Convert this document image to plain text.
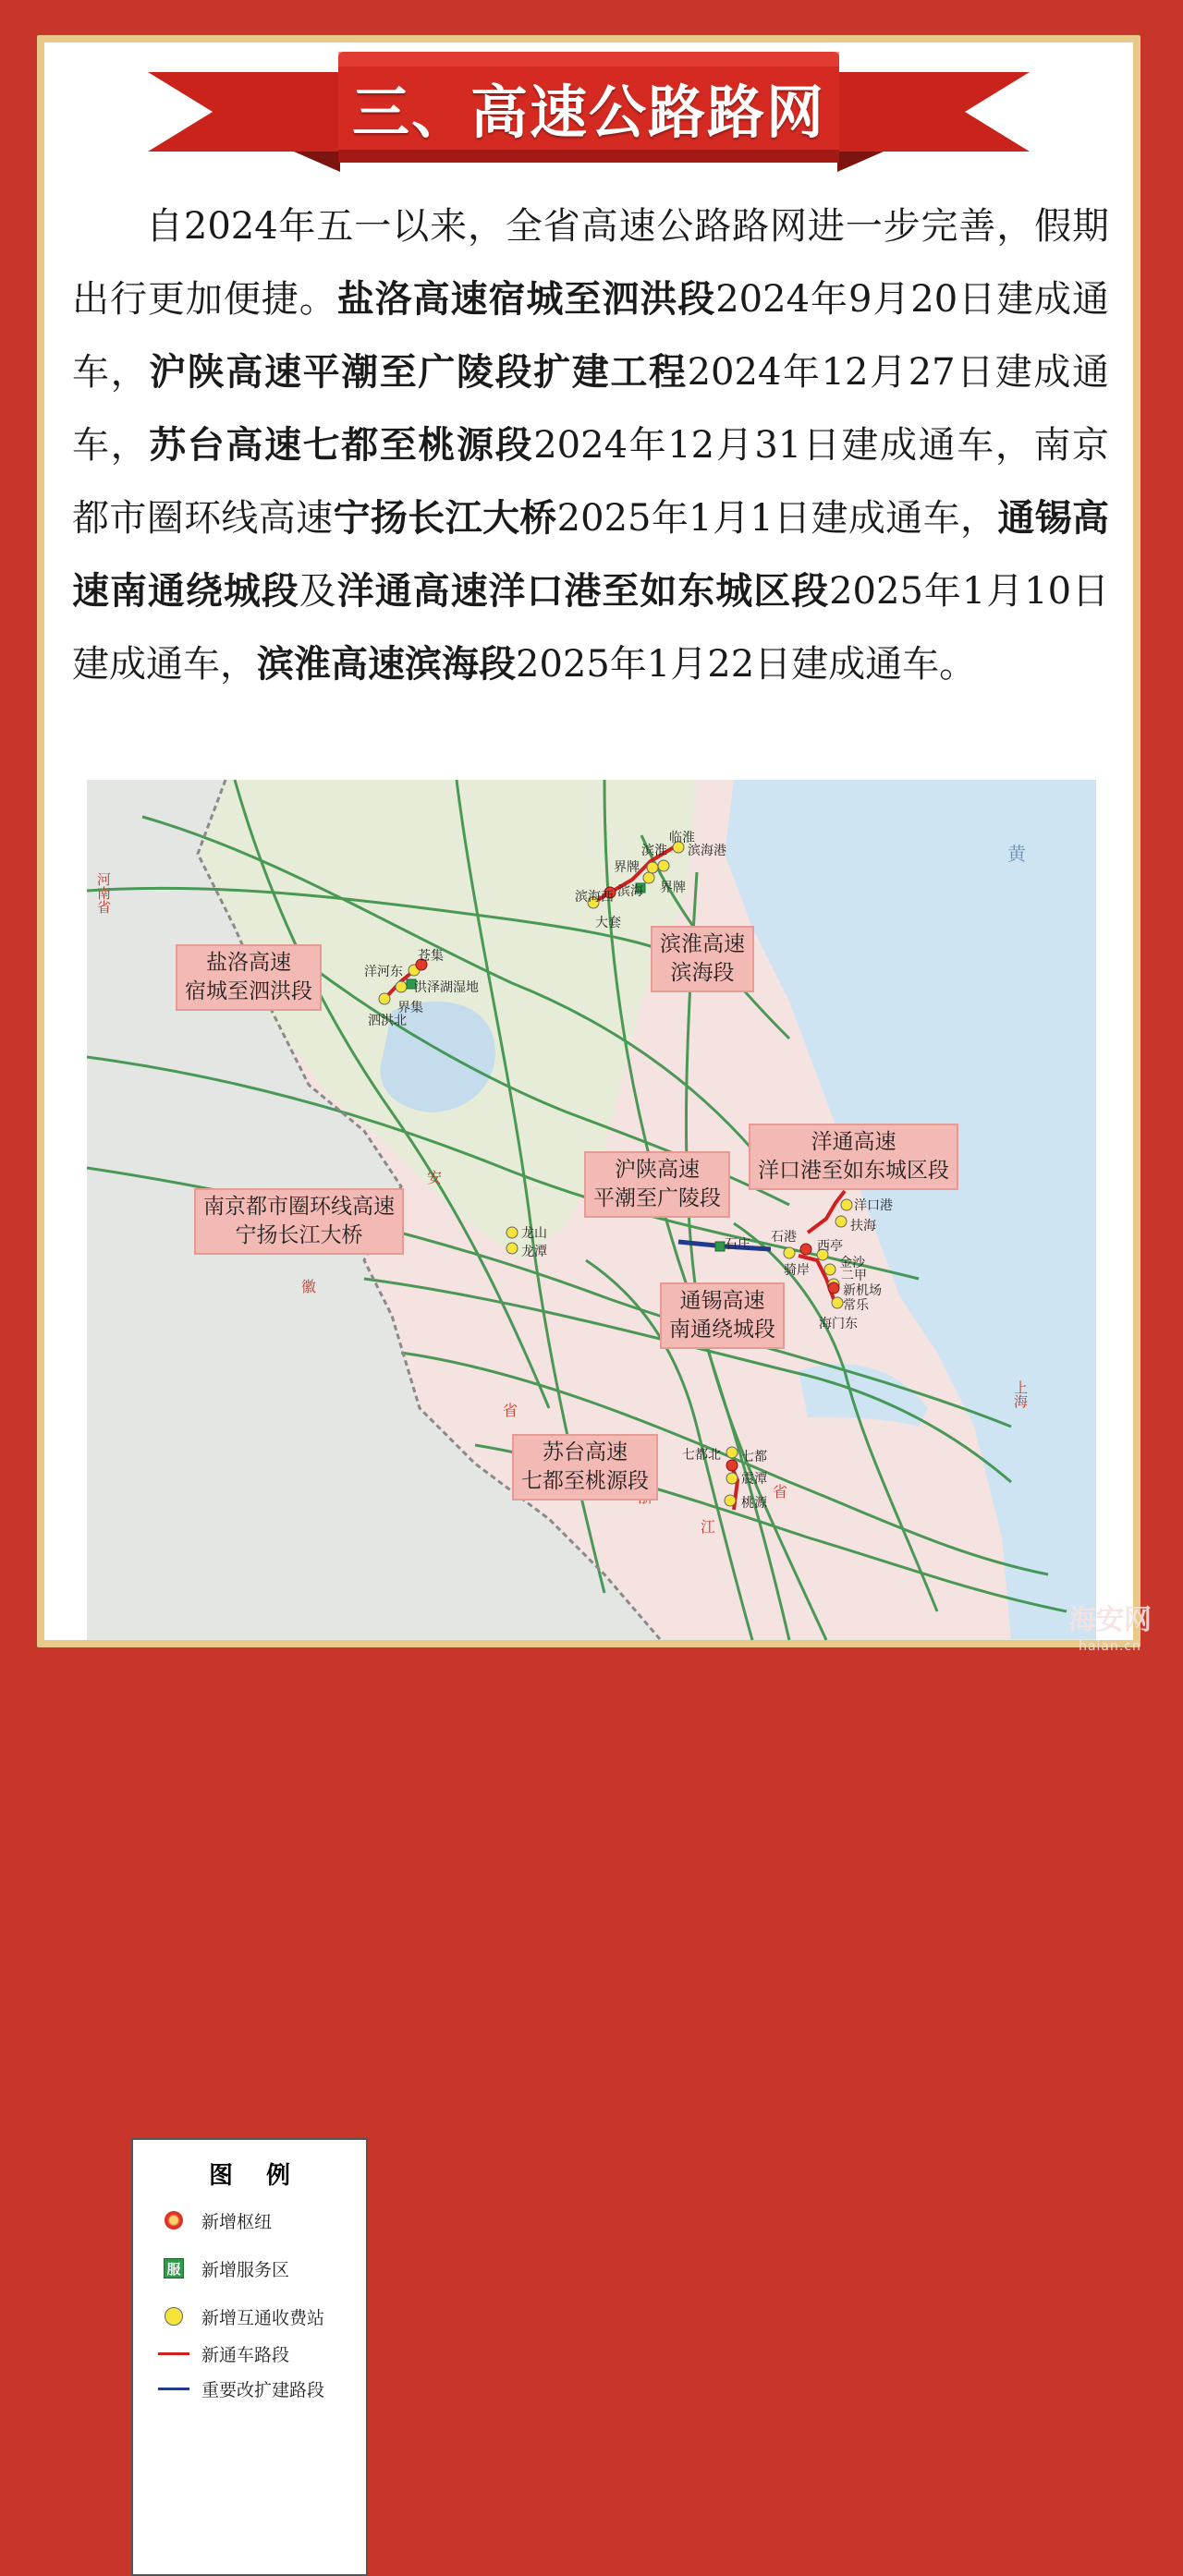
三、高速公路路网
自2024年五一以来，全省高速公路路网进一步完善，假期出行更加便捷。盐洛高速宿城至泗洪段2024年9月20日建成通车，沪陕高速平潮至广陵段扩建工程2024年12月27日建成通车，苏台高速七都至桃源段2024年12月31日建成通车，南京都市圈环线高速宁扬长江大桥2025年1月1日建成通车，通锡高速南通绕城段及洋通高速洋口港至如东城区段2025年1月10日建成通车，滨淮高速滨海段2025年1月22日建成通车。
河南省
安
徽
省
江
省
上海
黄
苍集
洋河东
洪泽湖湿地
界集
泗洪北
临淮
滨海港
滨淮
界牌
界牌
滨海
滨海西
大套
龙山
龙潭
洋口港
扶海
石港
西亭
金沙
骑岸 二甲
新机场
常乐
海门东
石庄
七都北 七都
震潭
桃源
盐洛高速
宿城至泗洪段
滨淮高速
滨海段
洋通高速
洋口港至如东城区段
沪陕高速
平潮至广陵段
南京都市圈环线高速
宁扬长江大桥
通锡高速
南通绕城段
苏台高速
七都至桃源段
图例
新增枢纽
服 新增服务区
新增互通收费站
新通车路段
重要改扩建路段
海安网
haian.cn
